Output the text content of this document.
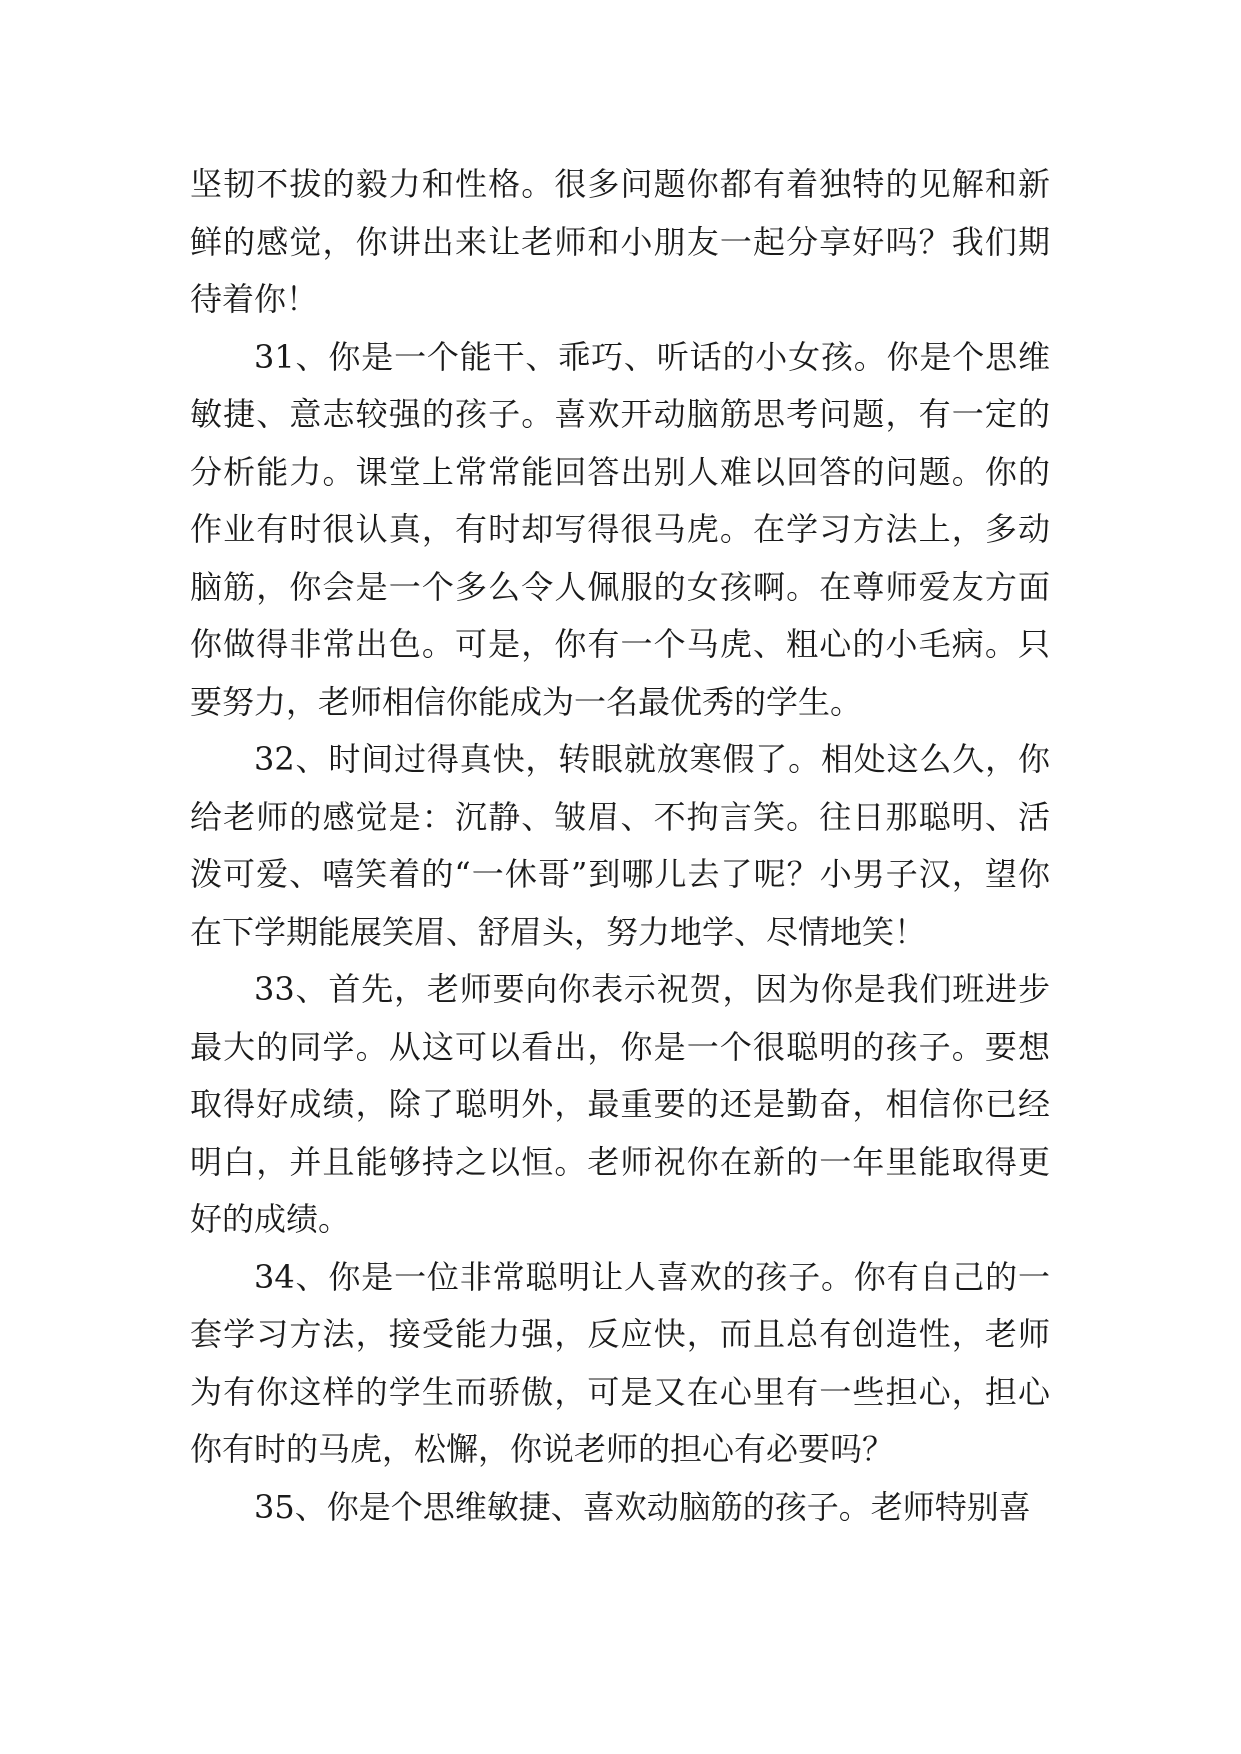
坚韧不拔的毅力和性格。很多问题你都有着独特的见解和新鲜的感觉，你讲出来让老师和小朋友一起分享好吗？我们期待着你！

31、你是一个能干、乖巧、听话的小女孩。你是个思维敏捷、意志较强的孩子。喜欢开动脑筋思考问题，有一定的分析能力。课堂上常常能回答出别人难以回答的问题。你的作业有时很认真，有时却写得很马虎。在学习方法上，多动脑筋，你会是一个多么令人佩服的女孩啊。在尊师爱友方面你做得非常出色。可是，你有一个马虎、粗心的小毛病。只要努力，老师相信你能成为一名最优秀的学生。

32、时间过得真快，转眼就放寒假了。相处这么久，你给老师的感觉是：沉静、皱眉、不拘言笑。往日那聪明、活泼可爱、嘻笑着的“一休哥”到哪儿去了呢？小男子汉，望你在下学期能展笑眉、舒眉头，努力地学、尽情地笑！

33、首先，老师要向你表示祝贺，因为你是我们班进步最大的同学。从这可以看出，你是一个很聪明的孩子。要想取得好成绩，除了聪明外，最重要的还是勤奋，相信你已经明白，并且能够持之以恒。老师祝你在新的一年里能取得更好的成绩。

34、你是一位非常聪明让人喜欢的孩子。你有自己的一套学习方法，接受能力强，反应快，而且总有创造性，老师为有你这样的学生而骄傲，可是又在心里有一些担心，担心你有时的马虎，松懈，你说老师的担心有必要吗？

35、你是个思维敏捷、喜欢动脑筋的孩子。老师特别喜
